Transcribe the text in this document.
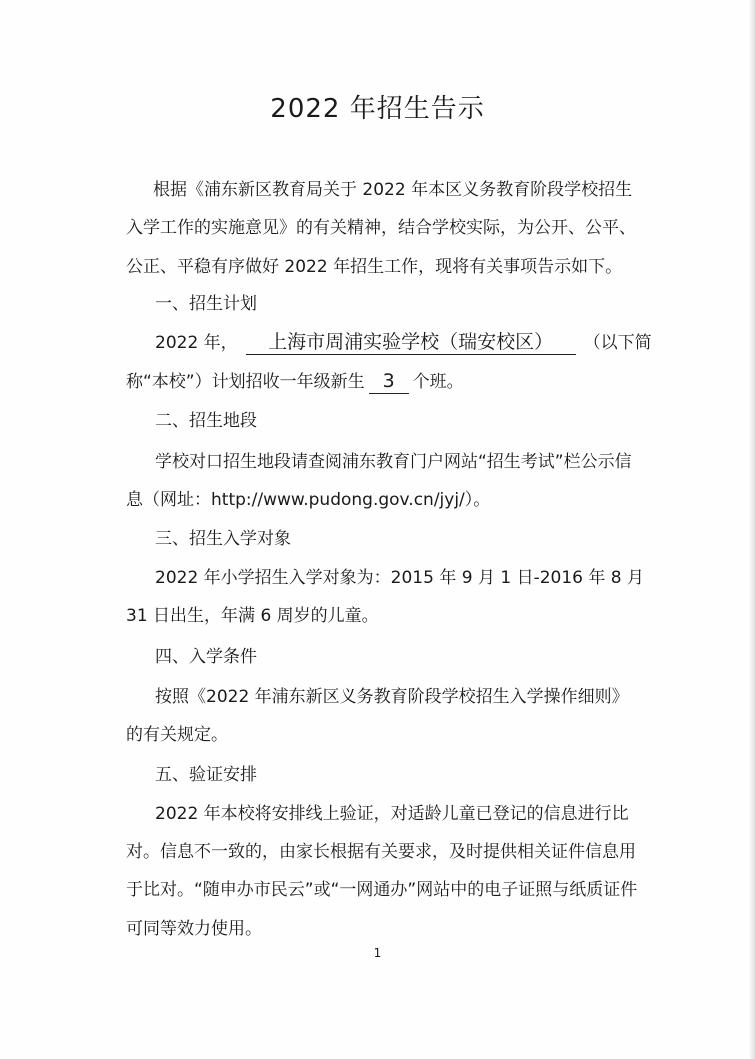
2022 年招生告示
根据《浦东新区教育局关于 2022 年本区义务教育阶段学校招生
入学工作的实施意见》的有关精神，结合学校实际，为公开、公平、
公正、平稳有序做好 2022 年招生工作，现将有关事项告示如下。
一、招生计划
2022 年， 上海市周浦实验学校（瑞安校区） （以下简
称“本校”）计划招收一年级新生 3 个班。
二、招生地段
学校对口招生地段请查阅浦东教育门户网站“招生考试”栏公示信
息（网址：http://www.pudong.gov.cn/jyj/）。
三、招生入学对象
2022 年小学招生入学对象为：2015 年 9 月 1 日-2016 年 8 月
31 日出生，年满 6 周岁的儿童。
四、入学条件
按照《2022 年浦东新区义务教育阶段学校招生入学操作细则》
的有关规定。
五、验证安排
2022 年本校将安排线上验证，对适龄儿童已登记的信息进行比
对。信息不一致的，由家长根据有关要求，及时提供相关证件信息用
于比对。“随申办市民云”或“一网通办”网站中的电子证照与纸质证件
可同等效力使用。
1
